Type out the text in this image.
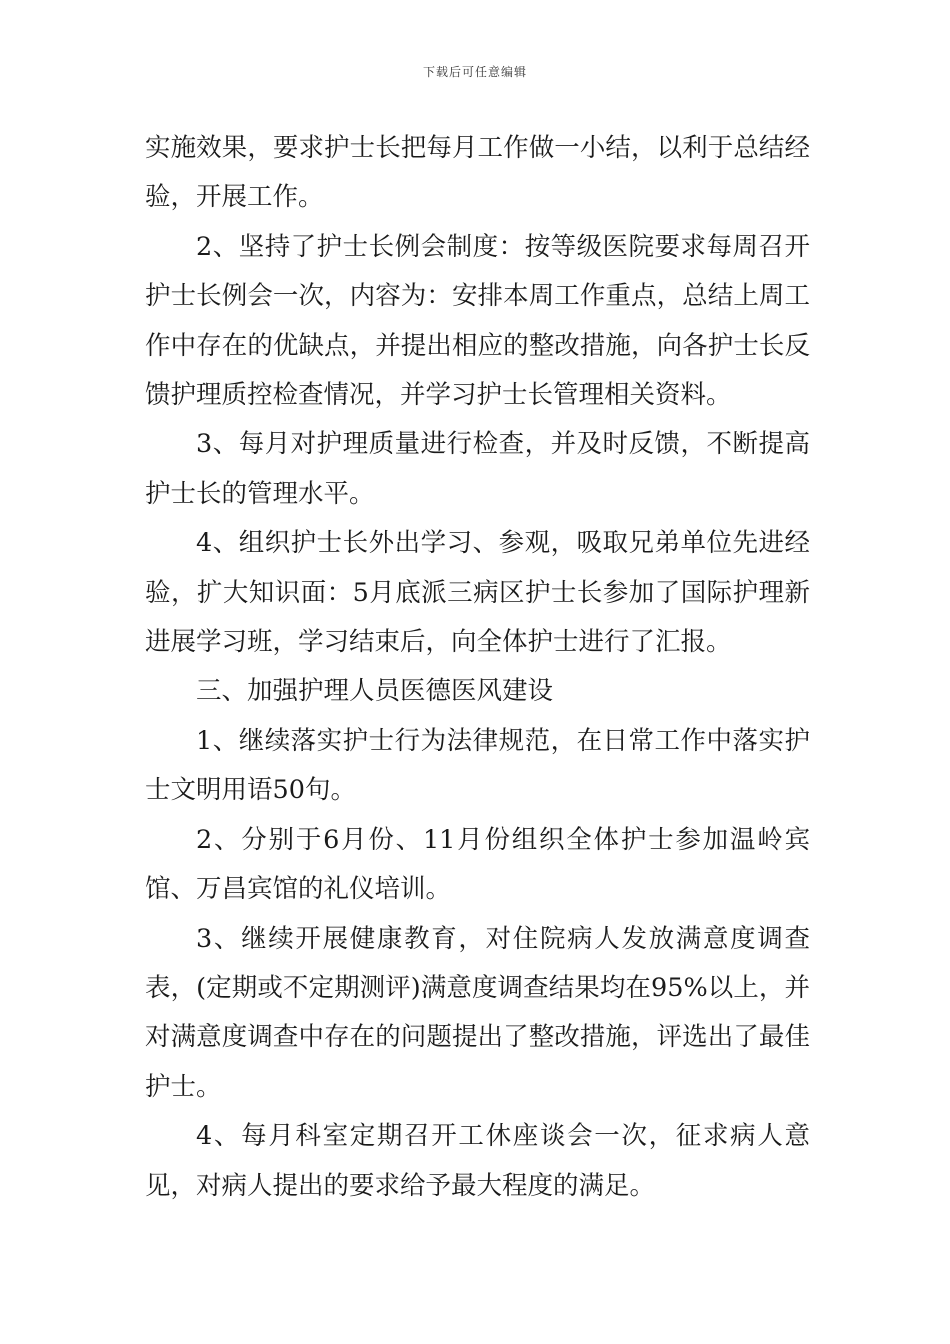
下载后可任意编辑

实施效果，要求护士长把每月工作做一小结，以利于总结经验，开展工作。

2、坚持了护士长例会制度：按等级医院要求每周召开护士长例会一次，内容为：安排本周工作重点，总结上周工作中存在的优缺点，并提出相应的整改措施，向各护士长反馈护理质控检查情况，并学习护士长管理相关资料。

3、每月对护理质量进行检查，并及时反馈，不断提高护士长的管理水平。

4、组织护士长外出学习、参观，吸取兄弟单位先进经验，扩大知识面：5月底派三病区护士长参加了国际护理新进展学习班，学习结束后，向全体护士进行了汇报。

三、加强护理人员医德医风建设

1、继续落实护士行为法律规范，在日常工作中落实护士文明用语50句。

2、分别于6月份、11月份组织全体护士参加温岭宾馆、万昌宾馆的礼仪培训。

3、继续开展健康教育，对住院病人发放满意度调查表，(定期或不定期测评)满意度调查结果均在95%以上，并对满意度调查中存在的问题提出了整改措施，评选出了最佳护士。

4、每月科室定期召开工休座谈会一次，征求病人意见，对病人提出的要求给予最大程度的满足。
